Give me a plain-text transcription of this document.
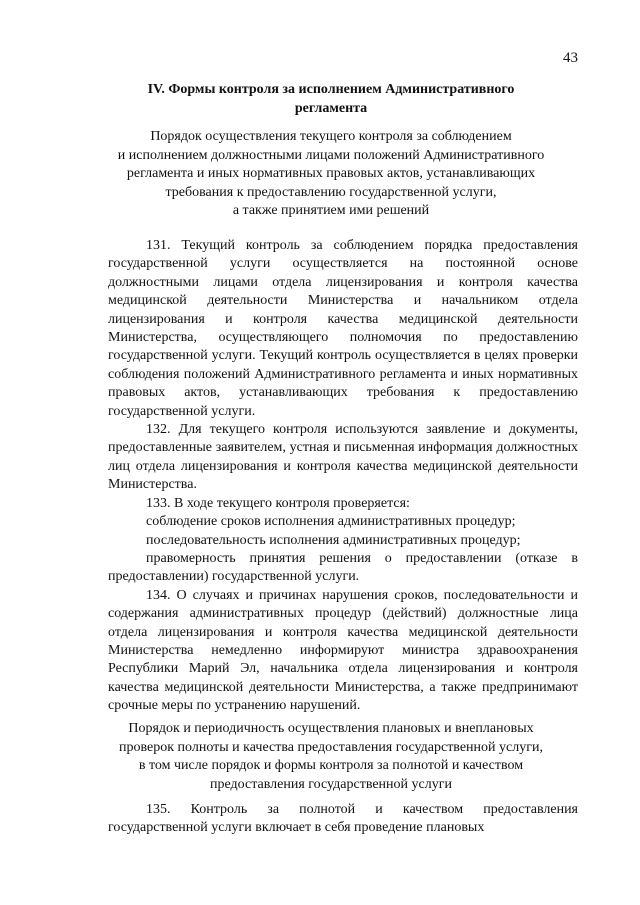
43
IV. Формы контроля за исполнением Административного
регламента
Порядок осуществления текущего контроля за соблюдением
и исполнением должностными лицами положений Административного
регламента и иных нормативных правовых актов, устанавливающих
требования к предоставлению государственной услуги,
а также принятием ими решений

131. Текущий контроль за соблюдением порядка предоставления государственной услуги осуществляется на постоянной основе должностными лицами отдела лицензирования и контроля качества медицинской деятельности Министерства и начальником отдела лицензирования и контроля качества медицинской деятельности Министерства, осуществляющего полномочия по предоставлению государственной услуги. Текущий контроль осуществляется в целях проверки соблюдения положений Административного регламента и иных нормативных правовых актов, устанавливающих требования к предоставлению государственной услуги.

132. Для текущего контроля используются заявление и документы, предоставленные заявителем, устная и письменная информация должностных лиц отдела лицензирования и контроля качества медицинской деятельности Министерства.

133. В ходе текущего контроля проверяется:

соблюдение сроков исполнения административных процедур;

последовательность исполнения административных процедур;

правомерность принятия решения о предоставлении (отказе в предоставлении) государственной услуги.

134. О случаях и причинах нарушения сроков, последовательности и содержания административных процедур (действий) должностные лица отдела лицензирования и контроля качества медицинской деятельности Министерства немедленно информируют министра здравоохранения Республики Марий Эл, начальника отдела лицензирования и контроля качества медицинской деятельности Министерства, а также предпринимают срочные меры по устранению нарушений.

Порядок и периодичность осуществления плановых и внеплановых
проверок полноты и качества предоставления государственной услуги,
в том числе порядок и формы контроля за полнотой и качеством
предоставления государственной услуги

135. Контроль за полнотой и качеством предоставления государственной услуги включает в себя проведение плановых
